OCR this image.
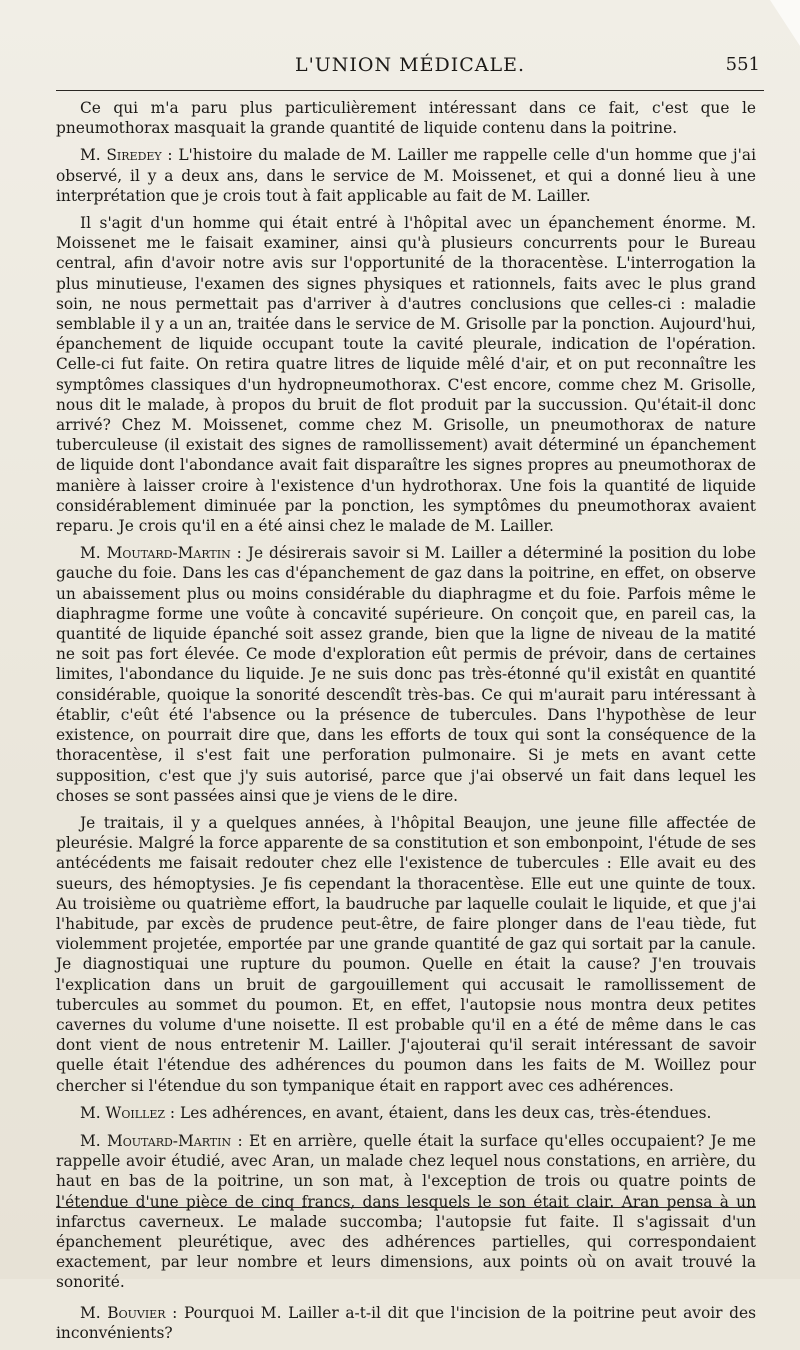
L'UNION MÉDICALE.	551

Ce qui m'a paru plus particulièrement intéressant dans ce fait, c'est que le pneumothorax masquait la grande quantité de liquide contenu dans la poitrine.

M. Siredey : L'histoire du malade de M. Lailler me rappelle celle d'un homme que j'ai observé, il y a deux ans, dans le service de M. Moissenet, et qui a donné lieu à une interprétation que je crois tout à fait applicable au fait de M. Lailler.

Il s'agit d'un homme qui était entré à l'hôpital avec un épanchement énorme. M. Moissenet me le faisait examiner, ainsi qu'à plusieurs concurrents pour le Bureau central, afin d'avoir notre avis sur l'opportunité de la thoracentèse. L'interrogation la plus minutieuse, l'examen des signes physiques et rationnels, faits avec le plus grand soin, ne nous permettait pas d'arriver à d'autres conclusions que celles-ci : maladie semblable il y a un an, traitée dans le service de M. Grisolle par la ponction. Aujourd'hui, épanchement de liquide occupant toute la cavité pleurale, indication de l'opération. Celle-ci fut faite. On retira quatre litres de liquide mêlé d'air, et on put reconnaître les symptômes classiques d'un hydropneumothorax. C'est encore, comme chez M. Grisolle, nous dit le malade, à propos du bruit de flot produit par la succussion. Qu'était-il donc arrivé? Chez M. Moissenet, comme chez M. Grisolle, un pneumothorax de nature tuberculeuse (il existait des signes de ramollissement) avait déterminé un épanchement de liquide dont l'abondance avait fait disparaître les signes propres au pneumothorax de manière à laisser croire à l'existence d'un hydrothorax. Une fois la quantité de liquide considérablement diminuée par la ponction, les symptômes du pneumothorax avaient reparu. Je crois qu'il en a été ainsi chez le malade de M. Lailler.

M. Moutard-Martin : Je désirerais savoir si M. Lailler a déterminé la position du lobe gauche du foie. Dans les cas d'épanchement de gaz dans la poitrine, en effet, on observe un abaissement plus ou moins considérable du diaphragme et du foie. Parfois même le diaphragme forme une voûte à concavité supérieure. On conçoit que, en pareil cas, la quantité de liquide épanché soit assez grande, bien que la ligne de niveau de la matité ne soit pas fort élevée. Ce mode d'exploration eût permis de prévoir, dans de certaines limites, l'abondance du liquide. Je ne suis donc pas très-étonné qu'il existât en quantité considérable, quoique la sonorité descendît très-bas. Ce qui m'aurait paru intéressant à établir, c'eût été l'absence ou la présence de tubercules. Dans l'hypothèse de leur existence, on pourrait dire que, dans les efforts de toux qui sont la conséquence de la thoracentèse, il s'est fait une perforation pulmonaire. Si je mets en avant cette supposition, c'est que j'y suis autorisé, parce que j'ai observé un fait dans lequel les choses se sont passées ainsi que je viens de le dire.

Je traitais, il y a quelques années, à l'hôpital Beaujon, une jeune fille affectée de pleurésie. Malgré la force apparente de sa constitution et son embonpoint, l'étude de ses antécédents me faisait redouter chez elle l'existence de tubercules : Elle avait eu des sueurs, des hémoptysies. Je fis cependant la thoracentèse. Elle eut une quinte de toux. Au troisième ou quatrième effort, la baudruche par laquelle coulait le liquide, et que j'ai l'habitude, par excès de prudence peut-être, de faire plonger dans de l'eau tiède, fut violemment projetée, emportée par une grande quantité de gaz qui sortait par la canule. Je diagnostiquai une rupture du poumon. Quelle en était la cause? J'en trouvais l'explication dans un bruit de gargouillement qui accusait le ramollissement de tubercules au sommet du poumon. Et, en effet, l'autopsie nous montra deux petites cavernes du volume d'une noisette. Il est probable qu'il en a été de même dans le cas dont vient de nous entretenir M. Lailler. J'ajouterai qu'il serait intéressant de savoir quelle était l'étendue des adhérences du poumon dans les faits de M. Woillez pour chercher si l'étendue du son tympanique était en rapport avec ces adhérences.

M. Woillez : Les adhérences, en avant, étaient, dans les deux cas, très-étendues.

M. Moutard-Martin : Et en arrière, quelle était la surface qu'elles occupaient? Je me rappelle avoir étudié, avec Aran, un malade chez lequel nous constations, en arrière, du haut en bas de la poitrine, un son mat, à l'exception de trois ou quatre points de l'étendue d'une pièce de cinq francs, dans lesquels le son était clair. Aran pensa à un infarctus caverneux. Le malade succomba; l'autopsie fut faite. Il s'agissait d'un épanchement pleurétique, avec des adhérences partielles, qui correspondaient exactement, par leur nombre et leurs dimensions, aux points où on avait trouvé la sonorité.

M. Bouvier : Pourquoi M. Lailler a-t-il dit que l'incision de la poitrine peut avoir des inconvénients?
